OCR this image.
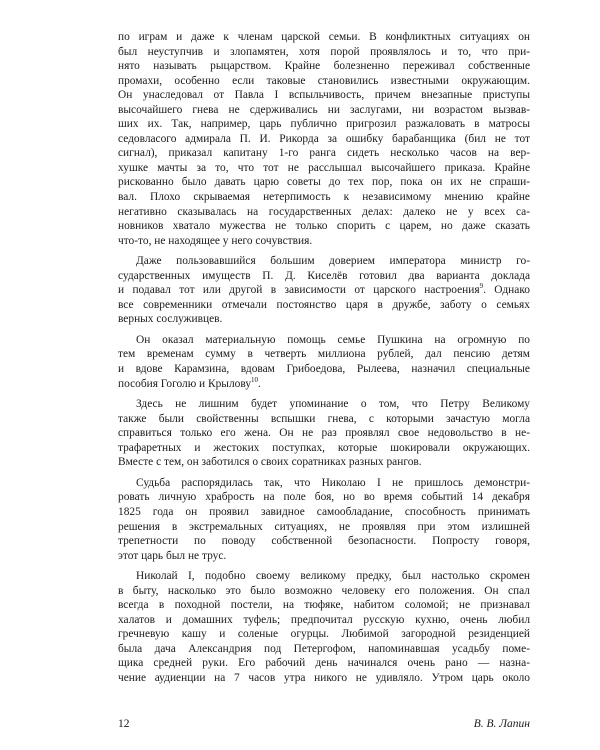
по играм и даже к членам царской семьи. В конфликтных ситуациях он
был неуступчив и злопамятен, хотя порой проявлялось и то, что при-
нято называть рыцарством. Крайне болезненно переживал собственные
промахи, особенно если таковые становились известными окружающим.
Он унаследовал от Павла I вспыльчивость, причем внезапные приступы
высочайшего гнева не сдерживались ни заслугами, ни возрастом вызвав-
ших их. Так, например, царь публично пригрозил разжаловать в матросы
седовласого адмирала П. И. Рикорда за ошибку барабанщика (бил не тот
сигнал), приказал капитану 1-го ранга сидеть несколько часов на вер-
хушке мачты за то, что тот не расслышал высочайшего приказа. Крайне
рискованно было давать царю советы до тех пор, пока он их не спраши-
вал. Плохо скрываемая нетерпимость к независимому мнению крайне
негативно сказывалась на государственных делах: далеко не у всех са-
новников хватало мужества не только спорить с царем, но даже сказать
что-то, не находящее у него сочувствия.
Даже пользовавшийся большим доверием императора министр го-
сударственных имуществ П. Д. Киселёв готовил два варианта доклада
и подавал тот или другой в зависимости от царского настроения$^9$. Однако
все современники отмечали постоянство царя в дружбе, заботу о семьях
верных сослуживцев.
Он оказал материальную помощь семье Пушкина на огромную по
тем временам сумму в четверть миллиона рублей, дал пенсию детям
и вдове Карамзина, вдовам Грибоедова, Рылеева, назначил специальные
пособия Гоголю и Крылову$^{10}$.
Здесь не лишним будет упоминание о том, что Петру Великому
также были свойственны вспышки гнева, с которыми зачастую могла
справиться только его жена. Он не раз проявлял свое недовольство в не-
трафаретных и жестоких поступках, которые шокировали окружающих.
Вместе с тем, он заботился о своих соратниках разных рангов.
Судьба распорядилась так, что Николаю I не пришлось демонстри-
ровать личную храбрость на поле боя, но во время событий 14 декабря
1825 года он проявил завидное самообладание, способность принимать
решения в экстремальных ситуациях, не проявляя при этом излишней
трепетности по поводу собственной безопасности. Попросту говоря,
этот царь был не трус.
Николай I, подобно своему великому предку, был настолько скромен
в быту, насколько это было возможно человеку его положения. Он спал
всегда в походной постели, на тюфяке, набитом соломой; не признавал
халатов и домашних туфель; предпочитал русскую кухню, очень любил
гречневую кашу и соленые огурцы. Любимой загородной резиденцией
была дача Александрия под Петергофом, напоминавшая усадьбу поме-
щика средней руки. Его рабочий день начинался очень рано — назна-
чение аудиенции на 7 часов утра никого не удивляло. Утром царь около
12	В. В. Лапин
